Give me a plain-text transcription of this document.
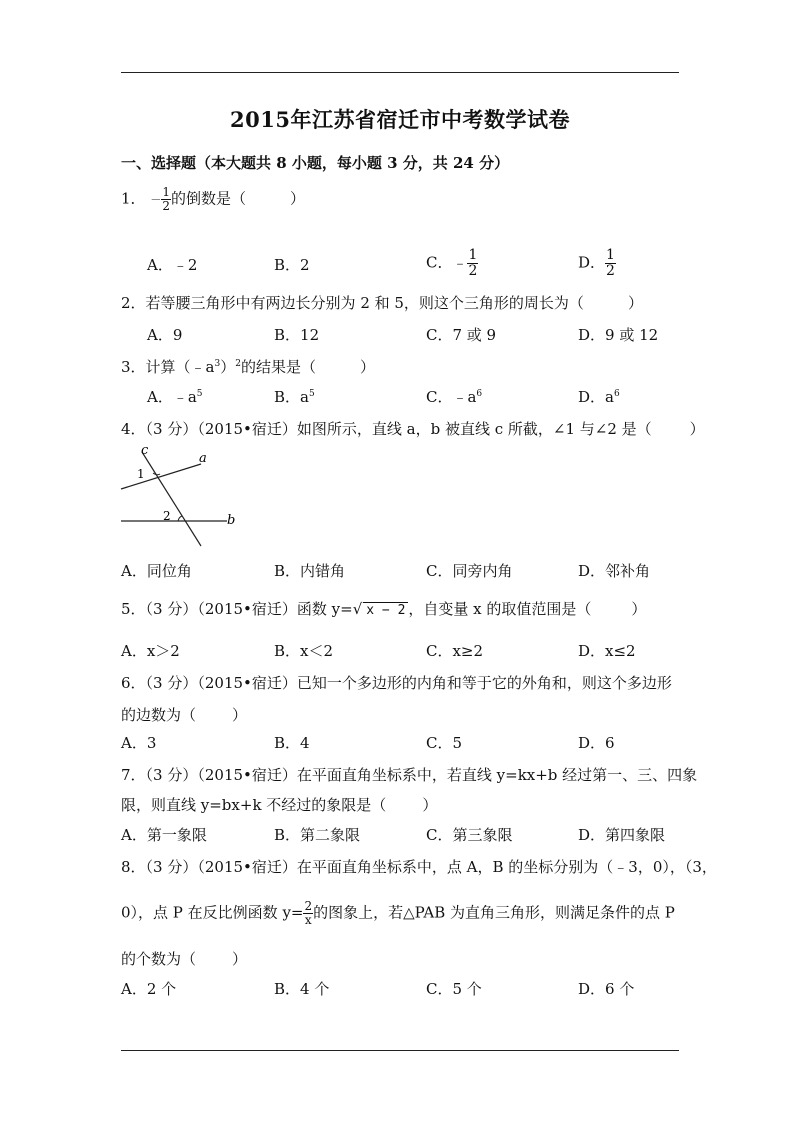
2015年江苏省宿迁市中考数学试卷
一、选择题（本大题共 8 小题，每小题 3 分，共 24 分）
1． － $\frac{1}{2}$ 的倒数是（	）
A．﹣2	B．2	C．﹣ $\frac{1}{2}$	D． $\frac{1}{2}$
2．若等腰三角形中有两边长分别为 2 和 5，则这个三角形的周长为（	）
A．9	B．12	C．7 或 9	D．9 或 12
3．计算$(﹣a^3)^2$的结果是（	）
A．$﹣a^5$	B．$a^5$	C．$﹣a^6$	D．$a^6$
4．（3 分）（2015•宿迁）如图所示，直线 a，b 被直线 c 所截，∠1 与∠2 是（	）
c
a
b
1
2
A．同位角	B．内错角	C．同旁内角	D．邻补角
5．（3 分）（2015•宿迁）函数 y=√ x − 2 ，自变量 x 的取值范围是（	）
A．x＞2	B．x＜2	C．x≥2	D．x≤2
6．（3 分）（2015•宿迁）已知一个多边形的内角和等于它的外角和，则这个多边形
的边数为（ ）
A．3	B．4	C．5	D．6
7．（3 分）（2015•宿迁）在平面直角坐标系中，若直线 y=kx+b 经过第一、三、四象
限，则直线 y=bx+k 不经过的象限是（ ）
A．第一象限	B．第二象限	C．第三象限	D．第四象限
8．（3 分）（2015•宿迁）在平面直角坐标系中，点 A，B 的坐标分别为（﹣3，0），（3，
0），点 P 在反比例函数 $y= \frac{2}{x}$ 的图象上，若△PAB 为直角三角形，则满足条件的点 P
的个数为（ ）
A．2 个	B．4 个	C．5 个	D．6 个
